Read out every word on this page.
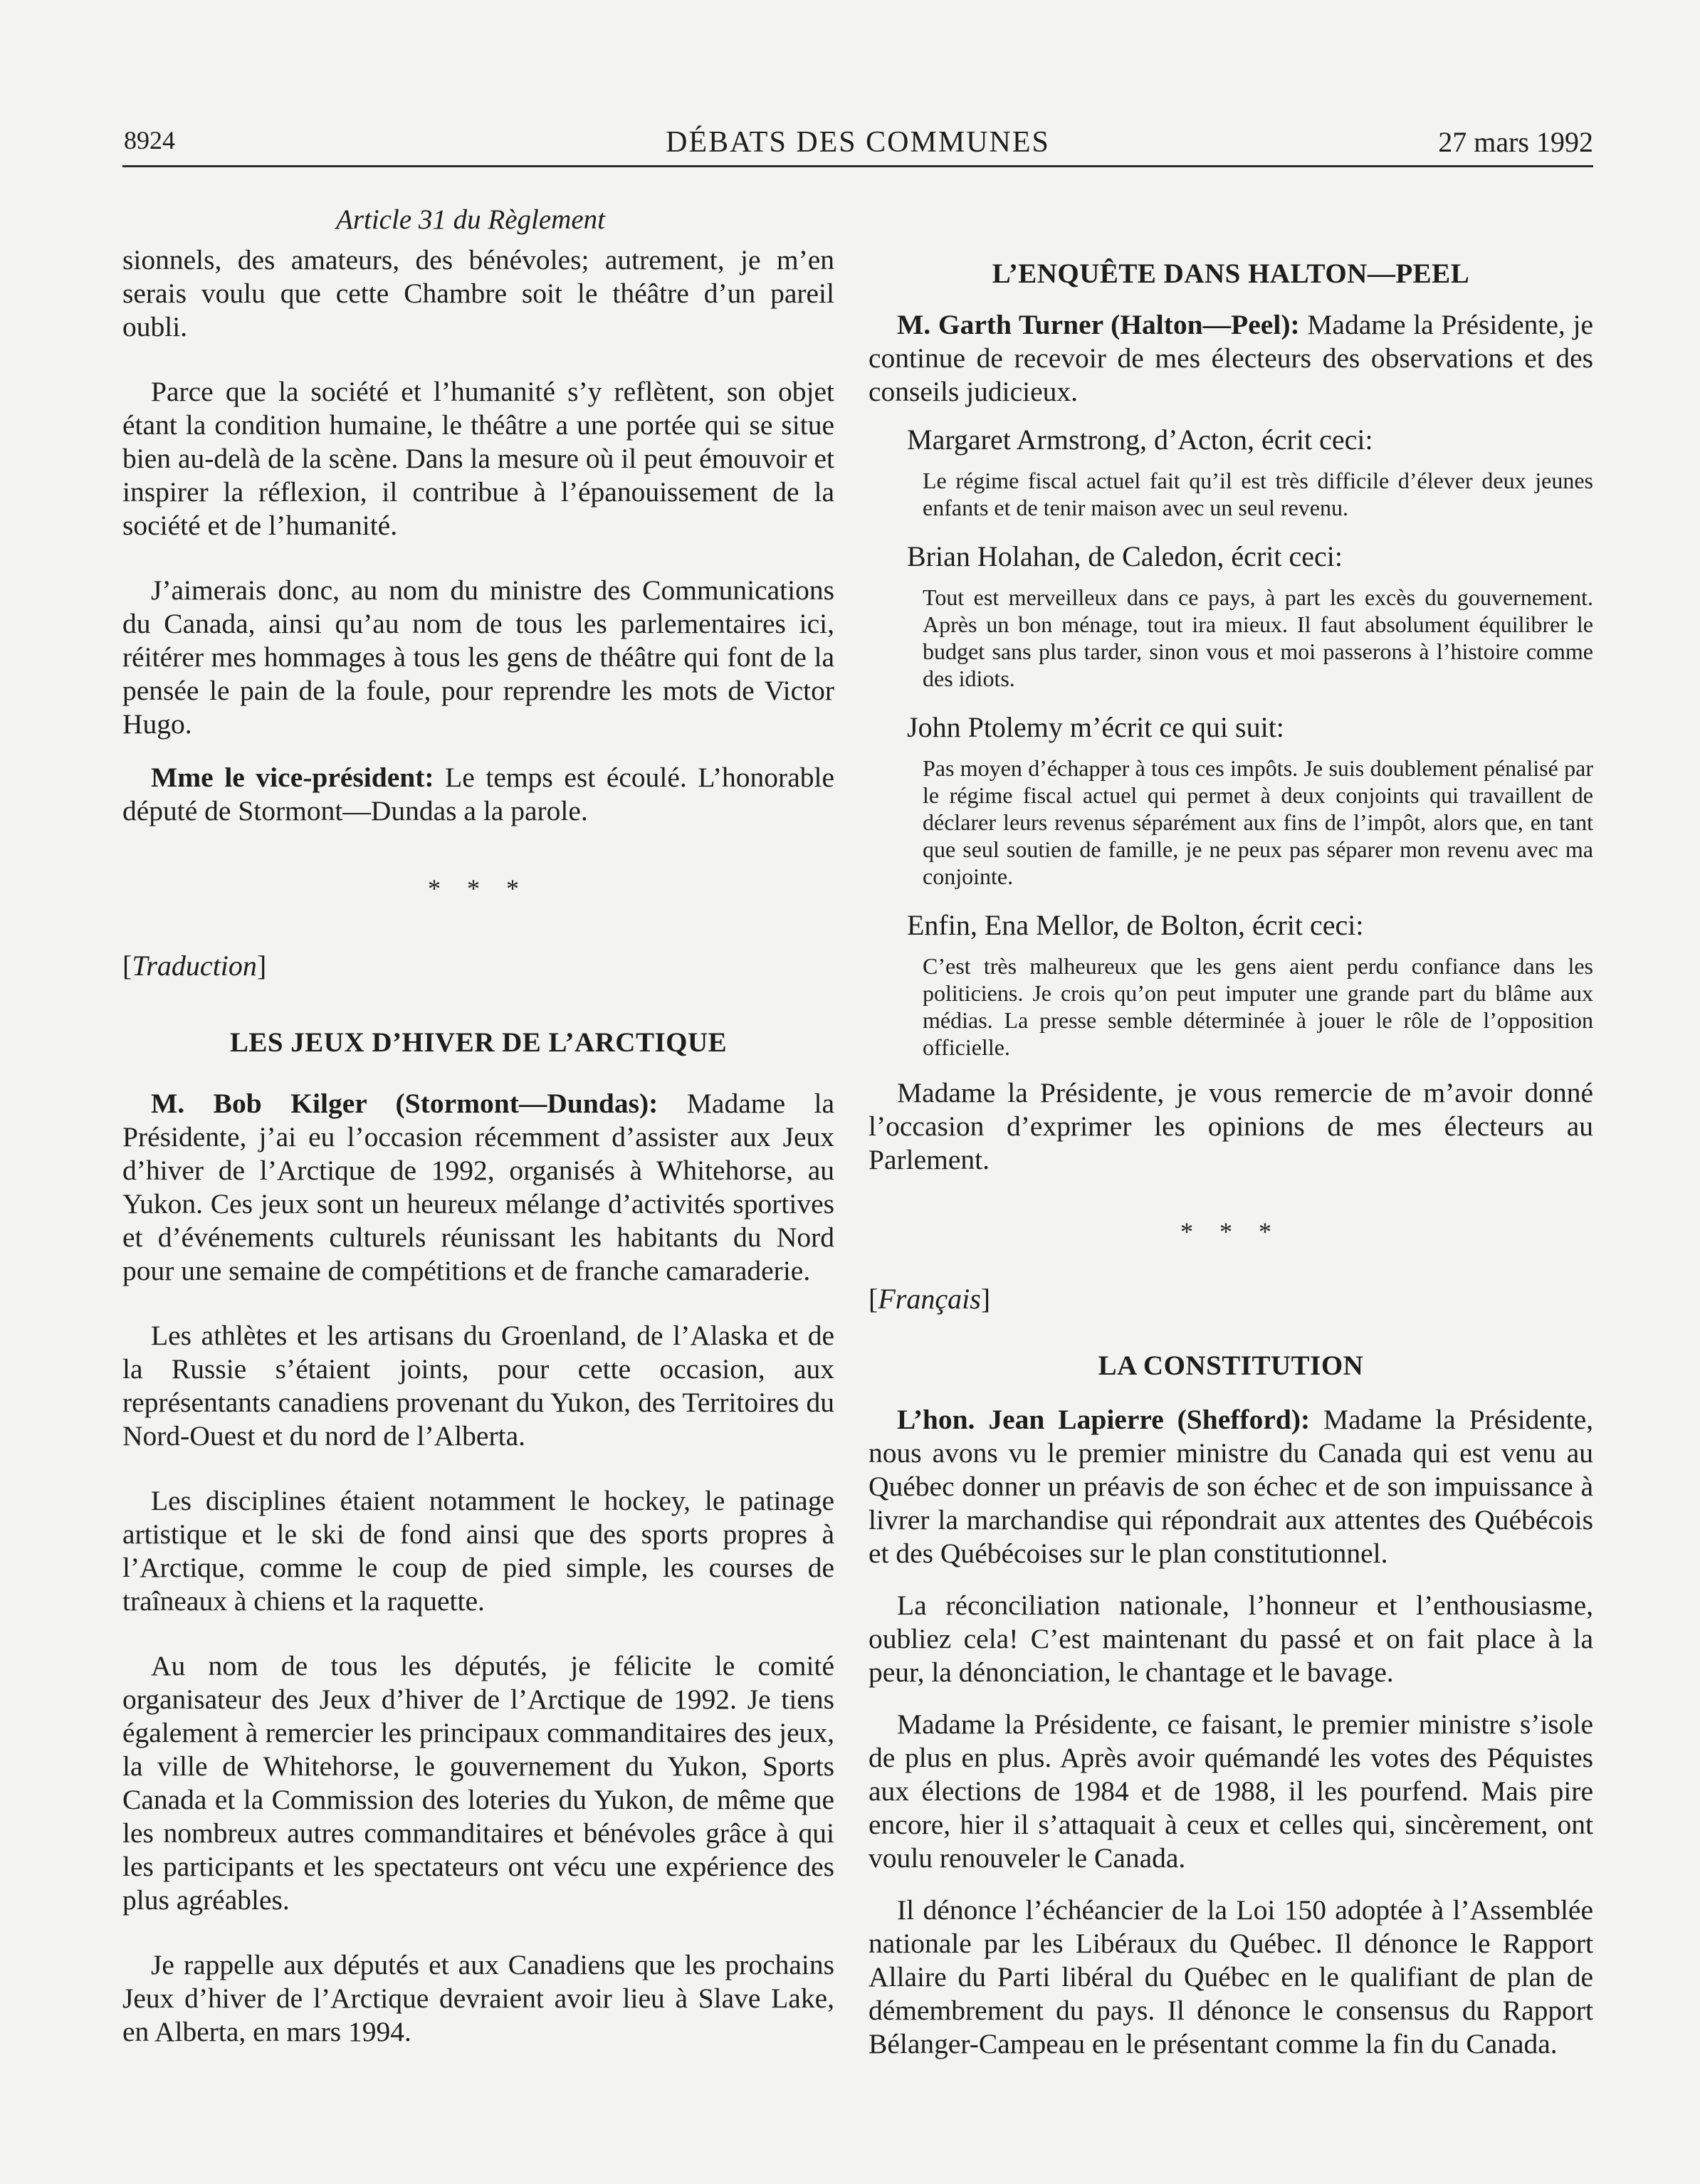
8924	DÉBATS DES COMMUNES	27 mars 1992

Article 31 du Règlement

sionnels, des amateurs, des bénévoles; autrement, je m’en serais voulu que cette Chambre soit le théâtre d’un pareil oubli.

Parce que la société et l’humanité s’y reflètent, son objet étant la condition humaine, le théâtre a une portée qui se situe bien au-delà de la scène. Dans la mesure où il peut émouvoir et inspirer la réflexion, il contribue à l’épanouissement de la société et de l’humanité.

J’aimerais donc, au nom du ministre des Communications du Canada, ainsi qu’au nom de tous les parlementaires ici, réitérer mes hommages à tous les gens de théâtre qui font de la pensée le pain de la foule, pour reprendre les mots de Victor Hugo.

Mme le vice-président: Le temps est écoulé. L’honorable député de Stormont—Dundas a la parole.

* * *
[Traduction]
LES JEUX D’HIVER DE L’ARCTIQUE

M. Bob Kilger (Stormont—Dundas): Madame la Présidente, j’ai eu l’occasion récemment d’assister aux Jeux d’hiver de l’Arctique de 1992, organisés à Whitehorse, au Yukon. Ces jeux sont un heureux mélange d’activités sportives et d’événements culturels réunissant les habitants du Nord pour une semaine de compétitions et de franche camaraderie.

Les athlètes et les artisans du Groenland, de l’Alaska et de la Russie s’étaient joints, pour cette occasion, aux représentants canadiens provenant du Yukon, des Territoires du Nord-Ouest et du nord de l’Alberta.

Les disciplines étaient notamment le hockey, le patinage artistique et le ski de fond ainsi que des sports propres à l’Arctique, comme le coup de pied simple, les courses de traîneaux à chiens et la raquette.

Au nom de tous les députés, je félicite le comité organisateur des Jeux d’hiver de l’Arctique de 1992. Je tiens également à remercier les principaux commanditaires des jeux, la ville de Whitehorse, le gouvernement du Yukon, Sports Canada et la Commission des loteries du Yukon, de même que les nombreux autres commanditaires et bénévoles grâce à qui les participants et les spectateurs ont vécu une expérience des plus agréables.

Je rappelle aux députés et aux Canadiens que les prochains Jeux d’hiver de l’Arctique devraient avoir lieu à Slave Lake, en Alberta, en mars 1994.

L’ENQUÊTE DANS HALTON—PEEL

M. Garth Turner (Halton—Peel): Madame la Présidente, je continue de recevoir de mes électeurs des observations et des conseils judicieux.

Margaret Armstrong, d’Acton, écrit ceci:

Le régime fiscal actuel fait qu’il est très difficile d’élever deux jeunes enfants et de tenir maison avec un seul revenu.

Brian Holahan, de Caledon, écrit ceci:

Tout est merveilleux dans ce pays, à part les excès du gouvernement. Après un bon ménage, tout ira mieux. Il faut absolument équilibrer le budget sans plus tarder, sinon vous et moi passerons à l’histoire comme des idiots.

John Ptolemy m’écrit ce qui suit:

Pas moyen d’échapper à tous ces impôts. Je suis doublement pénalisé par le régime fiscal actuel qui permet à deux conjoints qui travaillent de déclarer leurs revenus séparément aux fins de l’impôt, alors que, en tant que seul soutien de famille, je ne peux pas séparer mon revenu avec ma conjointe.

Enfin, Ena Mellor, de Bolton, écrit ceci:

C’est très malheureux que les gens aient perdu confiance dans les politiciens. Je crois qu’on peut imputer une grande part du blâme aux médias. La presse semble déterminée à jouer le rôle de l’opposition officielle.

Madame la Présidente, je vous remercie de m’avoir donné l’occasion d’exprimer les opinions de mes électeurs au Parlement.

* * *
[Français]
LA CONSTITUTION

L’hon. Jean Lapierre (Shefford): Madame la Présidente, nous avons vu le premier ministre du Canada qui est venu au Québec donner un préavis de son échec et de son impuissance à livrer la marchandise qui répondrait aux attentes des Québécois et des Québécoises sur le plan constitutionnel.

La réconciliation nationale, l’honneur et l’enthousiasme, oubliez cela! C’est maintenant du passé et on fait place à la peur, la dénonciation, le chantage et le bavage.

Madame la Présidente, ce faisant, le premier ministre s’isole de plus en plus. Après avoir quémandé les votes des Péquistes aux élections de 1984 et de 1988, il les pourfend. Mais pire encore, hier il s’attaquait à ceux et celles qui, sincèrement, ont voulu renouveler le Canada.

Il dénonce l’échéancier de la Loi 150 adoptée à l’Assemblée nationale par les Libéraux du Québec. Il dénonce le Rapport Allaire du Parti libéral du Québec en le qualifiant de plan de démembrement du pays. Il dénonce le consensus du Rapport Bélanger-Campeau en le présentant comme la fin du Canada.
